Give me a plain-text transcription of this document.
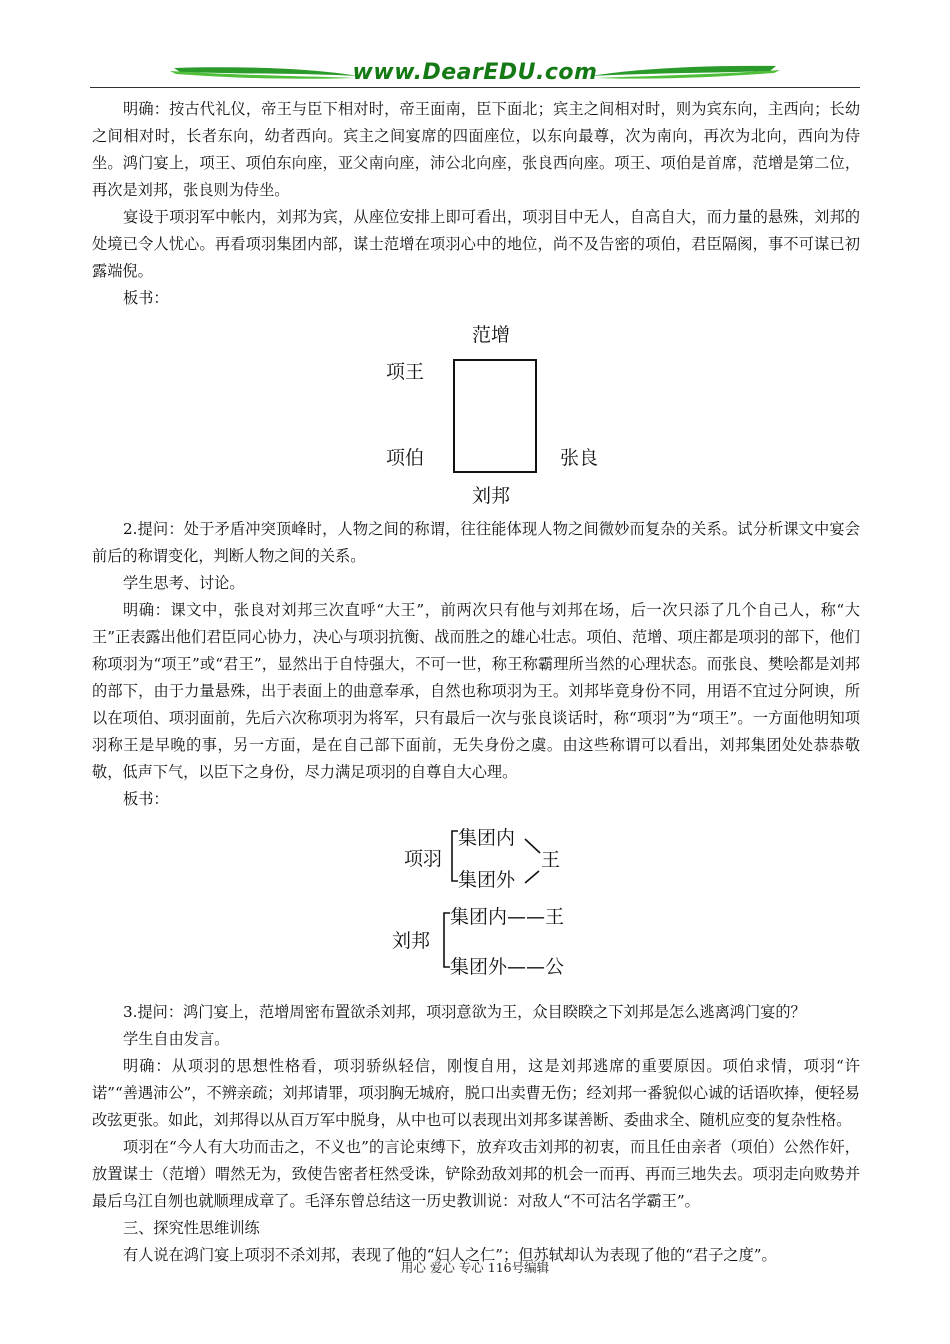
www.DearEDU.com

明确：按古代礼仪，帝王与臣下相对时，帝王面南，臣下面北；宾主之间相对时，则为宾东向，主西向；长幼之间相对时，长者东向，幼者西向。宾主之间宴席的四面座位，以东向最尊，次为南向，再次为北向，西向为侍坐。鸿门宴上，项王、项伯东向座，亚父南向座，沛公北向座，张良西向座。项王、项伯是首席，范增是第二位，再次是刘邦，张良则为侍坐。

宴设于项羽军中帐内，刘邦为宾，从座位安排上即可看出，项羽目中无人，自高自大，而力量的悬殊，刘邦的处境已令人忧心。再看项羽集团内部，谋士范增在项羽心中的地位，尚不及告密的项伯，君臣隔阂，事不可谋已初露端倪。

板书：

范增
项王
项伯	张良
刘邦

2.提问：处于矛盾冲突顶峰时，人物之间的称谓，往往能体现人物之间微妙而复杂的关系。试分析课文中宴会前后的称谓变化，判断人物之间的关系。

学生思考、讨论。

明确：课文中，张良对刘邦三次直呼“大王”，前两次只有他与刘邦在场，后一次只添了几个自己人，称“大王”正表露出他们君臣同心协力，决心与项羽抗衡、战而胜之的雄心壮志。项伯、范增、项庄都是项羽的部下，他们称项羽为“项王”或“君王”，显然出于自恃强大，不可一世，称王称霸理所当然的心理状态。而张良、樊哙都是刘邦的部下，由于力量悬殊，出于表面上的曲意奉承，自然也称项羽为王。刘邦毕竟身份不同，用语不宜过分阿谀，所以在项伯、项羽面前，先后六次称项羽为将军，只有最后一次与张良谈话时，称“项羽”为“项王”。一方面他明知项羽称王是早晚的事，另一方面，是在自己部下面前，无失身份之虞。由这些称谓可以看出，刘邦集团处处恭恭敬敬，低声下气，以臣下之身份，尽力满足项羽的自尊自大心理。

板书：

项羽
集团内
集团外
王
刘邦
集团内——王
集团外——公

3.提问：鸿门宴上，范增周密布置欲杀刘邦，项羽意欲为王，众目睽睽之下刘邦是怎么逃离鸿门宴的？

学生自由发言。

明确：从项羽的思想性格看，项羽骄纵轻信，刚愎自用，这是刘邦逃席的重要原因。项伯求情，项羽“许诺”“善遇沛公”，不辨亲疏；刘邦请罪，项羽胸无城府，脱口出卖曹无伤；经刘邦一番貌似心诚的话语吹捧，便轻易改弦更张。如此，刘邦得以从百万军中脱身，从中也可以表现出刘邦多谋善断、委曲求全、随机应变的复杂性格。

项羽在“今人有大功而击之，不义也”的言论束缚下，放弃攻击刘邦的初衷，而且任由亲者（项伯）公然作奸，放置谋士（范增）喟然无为，致使告密者枉然受诛，铲除劲敌刘邦的机会一而再、再而三地失去。项羽走向败势并最后乌江自刎也就顺理成章了。毛泽东曾总结这一历史教训说：对敌人“不可沽名学霸王”。

三、探究性思维训练

有人说在鸿门宴上项羽不杀刘邦，表现了他的“妇人之仁”；但苏轼却认为表现了他的“君子之度”。

用心 爱心 专心 116号编辑
